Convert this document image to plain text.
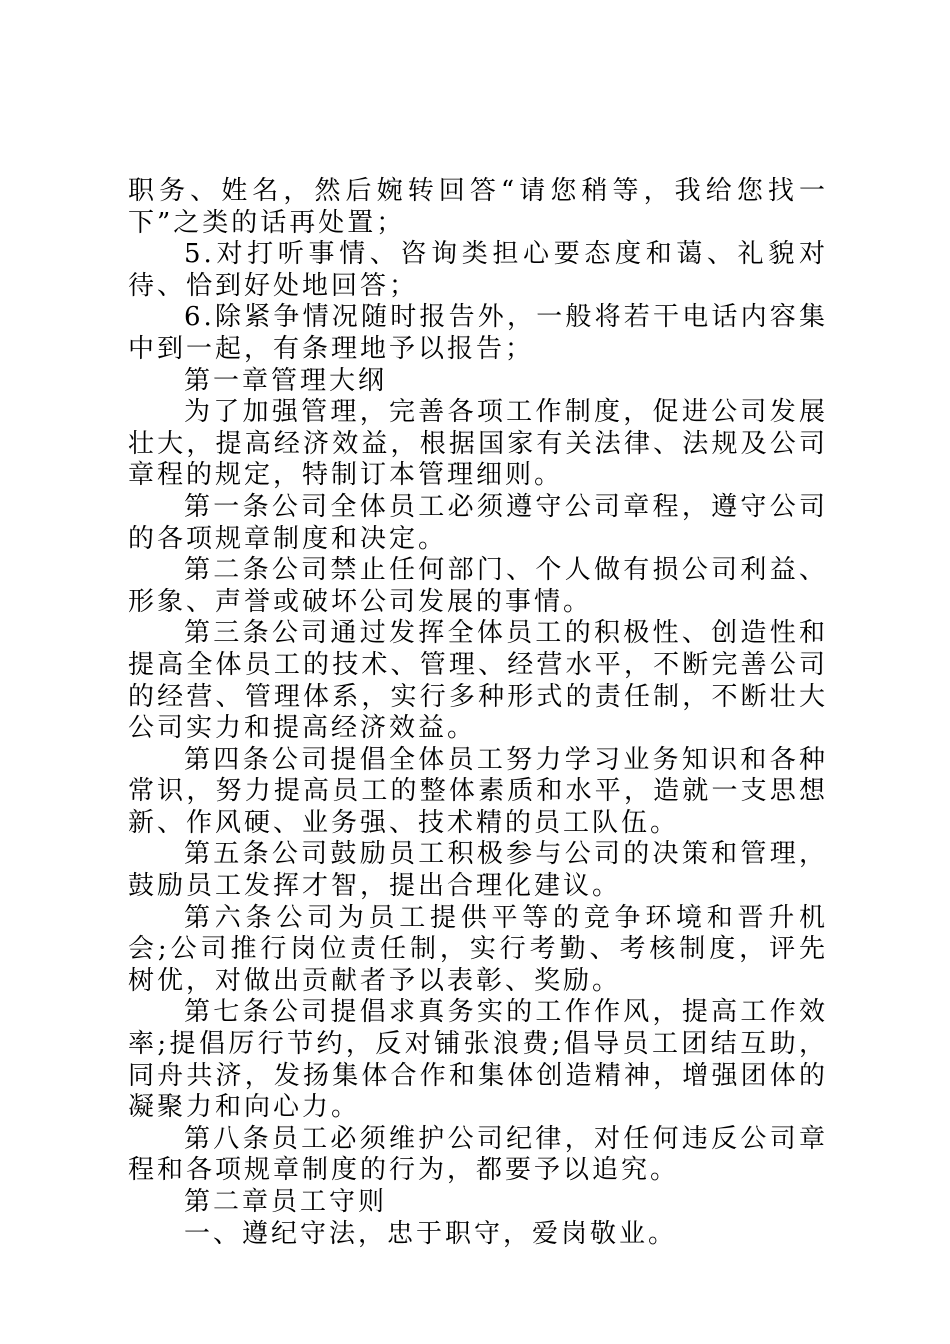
职务、姓名，然后婉转回答“请您稍等，我给您找一下”之类的话再处置；

5.对打听事情、咨询类担心要态度和蔼、礼貌对待、恰到好处地回答；

6.除紧争情况随时报告外，一般将若干电话内容集中到一起，有条理地予以报告；

第一章管理大纲

为了加强管理，完善各项工作制度，促进公司发展壮大，提高经济效益，根据国家有关法律、法规及公司章程的规定，特制订本管理细则。

第一条公司全体员工必须遵守公司章程，遵守公司的各项规章制度和决定。

第二条公司禁止任何部门、个人做有损公司利益、形象、声誉或破坏公司发展的事情。

第三条公司通过发挥全体员工的积极性、创造性和提高全体员工的技术、管理、经营水平，不断完善公司的经营、管理体系，实行多种形式的责任制，不断壮大公司实力和提高经济效益。

第四条公司提倡全体员工努力学习业务知识和各种常识，努力提高员工的整体素质和水平，造就一支思想新、作风硬、业务强、技术精的员工队伍。

第五条公司鼓励员工积极参与公司的决策和管理，鼓励员工发挥才智，提出合理化建议。

第六条公司为员工提供平等的竞争环境和晋升机会;公司推行岗位责任制，实行考勤、考核制度，评先树优，对做出贡献者予以表彰、奖励。

第七条公司提倡求真务实的工作作风，提高工作效率;提倡厉行节约，反对铺张浪费;倡导员工团结互助，同舟共济，发扬集体合作和集体创造精神，增强团体的凝聚力和向心力。

第八条员工必须维护公司纪律，对任何违反公司章程和各项规章制度的行为，都要予以追究。

第二章员工守则

一、遵纪守法，忠于职守，爱岗敬业。
